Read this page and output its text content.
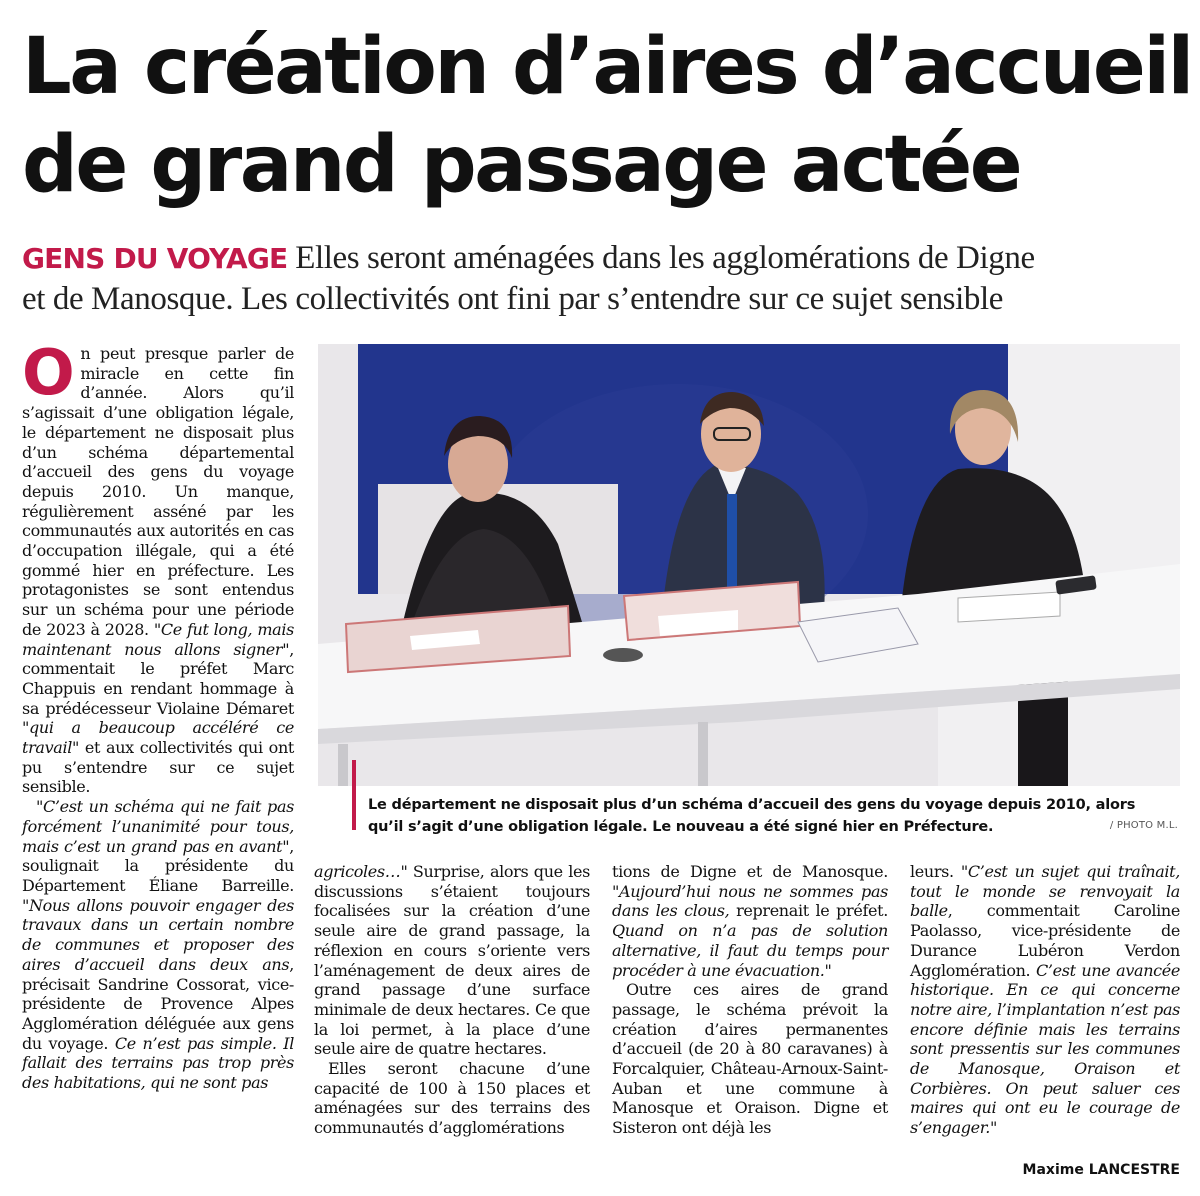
La création d’aires d’accueil
de grand passage actée

GENS DU VOYAGE Elles seront aménagées dans les agglomérations de Digne
et de Manosque. Les collectivités ont fini par s’entendre sur ce sujet sensible

On peut presque parler de miracle en cette fin d’année. Alors qu’il s’agissait d’une obligation légale, le département ne disposait plus d’un schéma départemental d’accueil des gens du voyage depuis 2010. Un manque, régulièrement asséné par les communautés aux autorités en cas d’occupation illégale, qui a été gommé hier en préfecture. Les protagonistes se sont entendus sur un schéma pour une période de 2023 à 2028. "Ce fut long, mais maintenant nous allons signer", commentait le préfet Marc Chappuis en rendant hommage à sa prédécesseur Violaine Démaret "qui a beaucoup accéléré ce travail" et aux collectivités qui ont pu s’entendre sur ce sujet sensible.

"C’est un schéma qui ne fait pas forcément l’unanimité pour tous, mais c’est un grand pas en avant", soulignait la présidente du Département Éliane Barreille. "Nous allons pouvoir engager des travaux dans un certain nombre de communes et proposer des aires d’accueil dans deux ans, précisait Sandrine Cossorat, vice-présidente de Provence Alpes Agglomération déléguée aux gens du voyage. Ce n’est pas simple. Il fallait des terrains pas trop près des habitations, qui ne sont pas

Le département ne disposait plus d’un schéma d’accueil des gens du voyage depuis 2010, alors qu’il s’agit d’une obligation légale. Le nouveau a été signé hier en Préfecture.	/ PHOTO M.L.

agricoles…" Surprise, alors que les discussions s’étaient toujours focalisées sur la création d’une seule aire de grand passage, la réflexion en cours s’oriente vers l’aménagement de deux aires de grand passage d’une surface minimale de deux hectares. Ce que la loi permet, à la place d’une seule aire de quatre hectares.

Elles seront chacune d’une capacité de 100 à 150 places et aménagées sur des terrains des communautés d’agglomérations

tions de Digne et de Manosque. "Aujourd’hui nous ne sommes pas dans les clous, reprenait le préfet. Quand on n’a pas de solution alternative, il faut du temps pour procéder à une évacuation."

Outre ces aires de grand passage, le schéma prévoit la création d’aires permanentes d’accueil (de 20 à 80 caravanes) à Forcalquier, Château-Arnoux-Saint-Auban et une commune à Manosque et Oraison. Digne et Sisteron ont déjà les

leurs. "C’est un sujet qui traînait, tout le monde se renvoyait la balle, commentait Caroline Paolasso, vice-présidente de Durance Lubéron Verdon Agglomération. C’est une avancée historique. En ce qui concerne notre aire, l’implantation n’est pas encore définie mais les terrains sont pressentis sur les communes de Manosque, Oraison et Corbières. On peut saluer ces maires qui ont eu le courage de s’engager."

Maxime LANCESTRE
